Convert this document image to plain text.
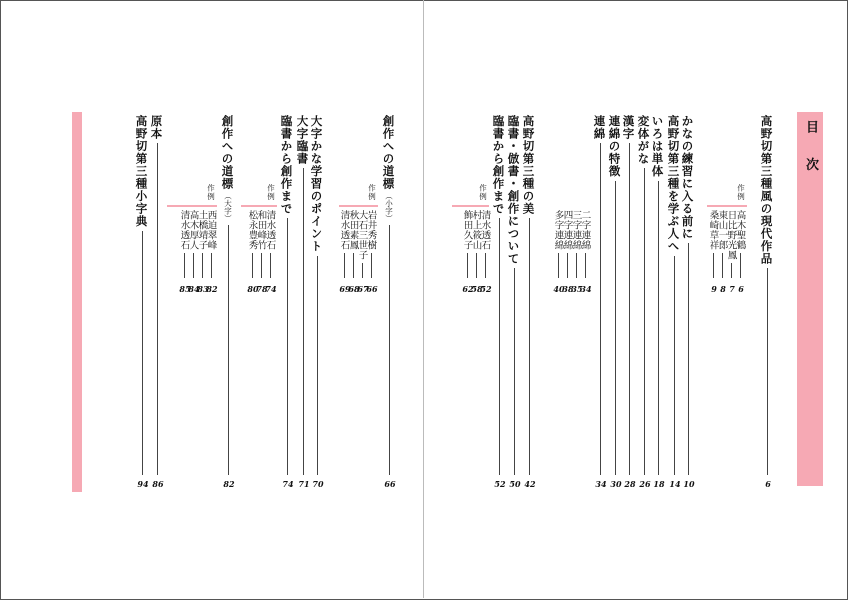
目 次
高野切第三種風の現代作品
6
かなの練習に入る前に
10
高野切第三種を学ぶ人へ
14
いろは単体
18
変体がな
26
漢字
28
連綿の特徴
30
連綿
34
高野切第三種の美
42
臨書・倣書・創作について
50
臨書から創作まで
52
創作への道標
（小字）
66
大字かな学習のポイント
70
大字臨書
71
臨書から創作まで
74
創作への道標
（大字）
82
原本
86
高野切第三種小字典
94
作例
高木聖鶴
6
日比野光鳳
7
東山一郎
8
桑崎草祥
9
二字連綿
34
三字連綿
35
四字連綿
38
多字連綿
40
作例
清水透石
52
村上筱山
58
飾田久子
62
作例
岩井秀樹
66
大石三世子
67
秋田素鳳
68
清水透石
69
作例
清水透石
74
和田峰竹
78
松永豊秀
80
作例
西迫翠峰
82
土橋靖子
83
高木厚人
84
清水透石
85
